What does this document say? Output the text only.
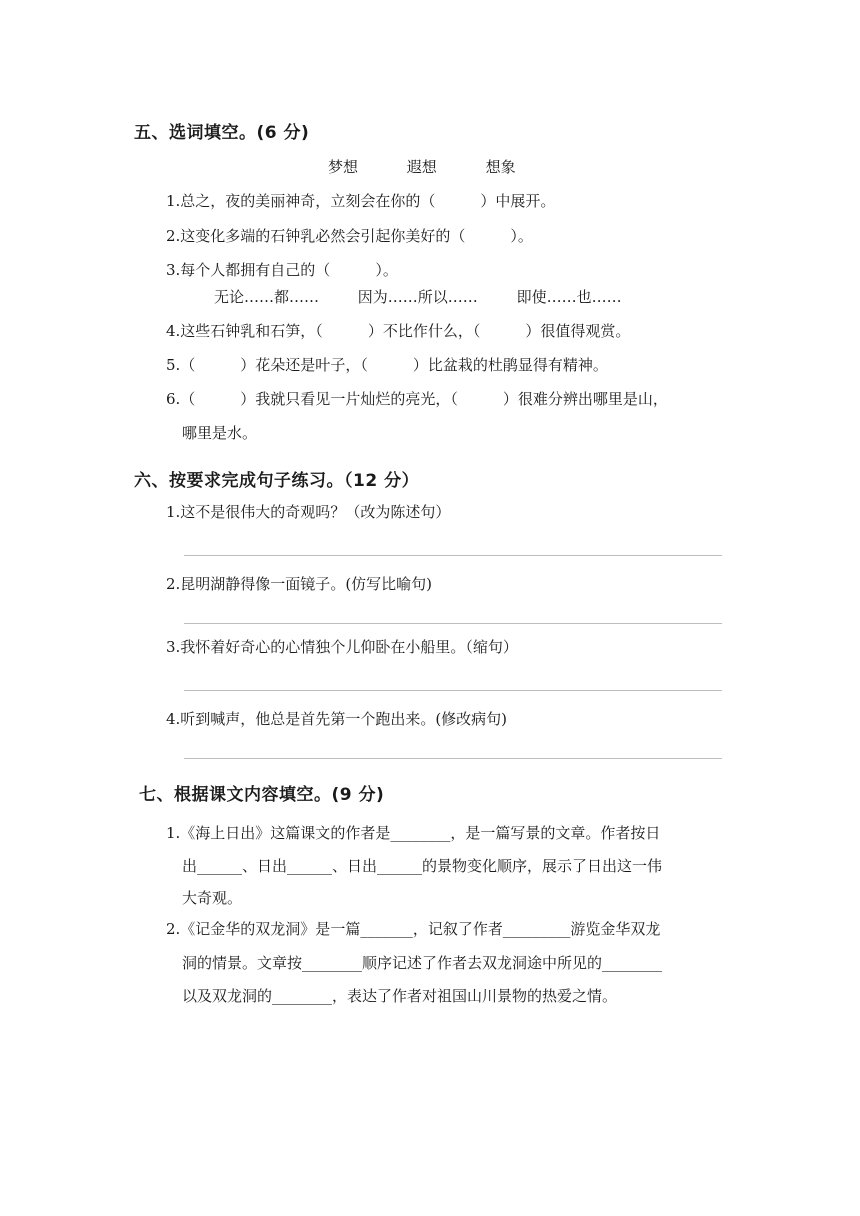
五、选词填空。(6 分)
梦想	遐想	想象
1.总之，夜的美丽神奇，立刻会在你的（　　　）中展开。
2.这变化多端的石钟乳必然会引起你美好的（　　　）。
3.每个人都拥有自己的（　　　）。
无论……都……	因为……所以……	即使……也……
4.这些石钟乳和石笋，（　　　）不比作什么，（　　　）很值得观赏。
5.（　　　）花朵还是叶子，（　　　）比盆栽的杜鹃显得有精神。
6.（　　　）我就只看见一片灿烂的亮光，（　　　）很难分辨出哪里是山，
哪里是水。
六、按要求完成句子练习。（12 分）
1.这不是很伟大的奇观吗？（改为陈述句）
2.昆明湖静得像一面镜子。(仿写比喻句)
3.我怀着好奇心的心情独个儿仰卧在小船里。（缩句）
4.听到喊声，他总是首先第一个跑出来。(修改病句)
七、根据课文内容填空。(9 分)
1.《海上日出》这篇课文的作者是________，是一篇写景的文章。作者按日
出______、日出______、日出______的景物变化顺序，展示了日出这一伟
大奇观。
2.《记金华的双龙洞》是一篇_______，记叙了作者_________游览金华双龙
洞的情景。文章按________顺序记述了作者去双龙洞途中所见的________
以及双龙洞的________，表达了作者对祖国山川景物的热爱之情。
